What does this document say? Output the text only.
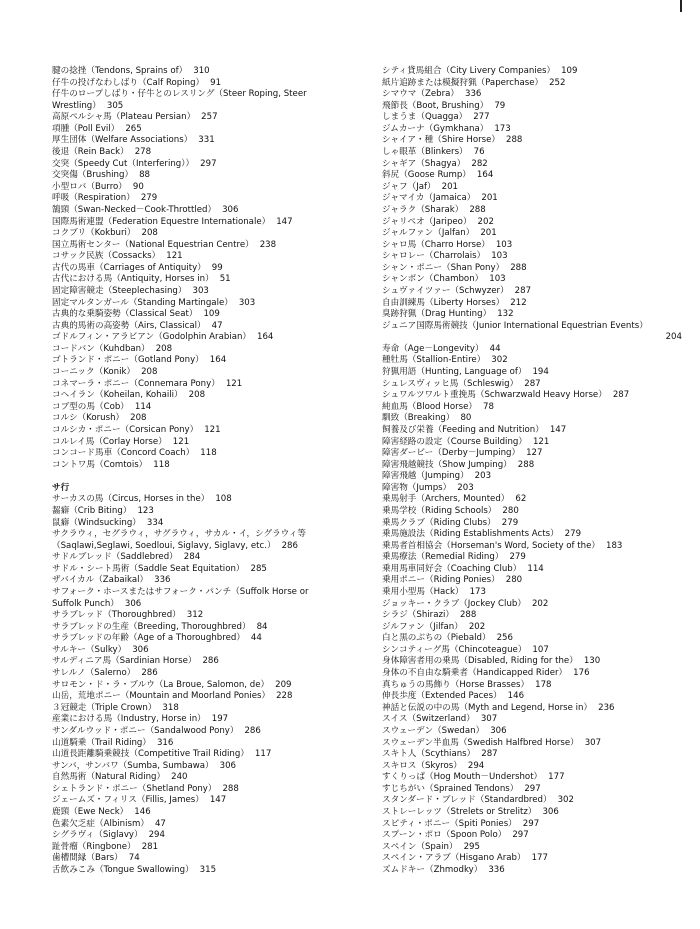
腱の捻挫（Tendons, Sprains of） 310
仔牛の投げなわしばり（Calf Roping） 91
仔牛のロープしばり・仔牛とのレスリング（Steer Roping, Steer
Wrestling） 305
高原ペルシャ馬（Plateau Persian） 257
項腫（Poll Evil） 265
厚生団体（Welfare Associations） 331
後退（Rein Back） 278
交突（Speedy Cut（Interfering）） 297
交突傷（Brushing） 88
小型ロバ（Burro） 90
呼吸（Respiration） 279
鵠頸（Swan-Necked－Cook-Throttled） 306
国際馬術連盟（Federation Equestre Internationale） 147
コクブリ（Kokburi） 208
国立馬術センター（National Equestrian Centre） 238
コサック民族（Cossacks） 121
古代の馬車（Carriages of Antiquity） 99
古代における馬（Antiquity, Horses in） 51
固定障害競走（Steeplechasing） 303
固定マルタンガール（Standing Martingale） 303
古典的な乗騎姿勢（Classical Seat） 109
古典的馬術の高姿勢（Airs, Classical） 47
ゴドルフィン・アラビアン（Godolphin Arabian） 164
コードバン（Kuhdban） 208
ゴトランド・ポニー（Gotland Pony） 164
コーニック（Konik） 208
コネマーラ・ポニー（Connemara Pony） 121
コヘイラン（Koheilan, Kohaili） 208
コブ型の馬（Cob） 114
コルシ（Korush） 208
コルシカ・ポニー（Corsican Pony） 121
コルレイ馬（Corlay Horse） 121
コンコード馬車（Concord Coach） 118
コントワ馬（Comtois） 118
サ行
サーカスの馬（Circus, Horses in the） 108
齧癖（Crib Biting） 123
鼠癖（Windsucking） 334
サクラウィ，セグラウィ，サグラウィ，サカル・イ，シグラウィ等
（Saqlawi,Seglawi, Soedloui, Siglavy, Siglavy, etc.） 286
サドルブレッド（Saddlebred） 284
サドル・シート馬術（Saddle Seat Equitation） 285
ザバイカル（Zabaikal） 336
サフォーク・ホースまたはサフォーク・パンチ（Suffolk Horse or
Suffolk Punch） 306
サラブレッド（Thoroughbred） 312
サラブレッドの生産（Breeding, Thoroughbred） 84
サラブレッドの年齢（Age of a Thoroughbred） 44
サルキー（Sulky） 306
サルディニア馬（Sardinian Horse） 286
サレルノ（Salerno） 286
サロモン・ド・ラ・ブルウ（La Broue, Salomon, de） 209
山岳，荒地ポニー（Mountain and Moorland Ponies） 228
３冠競走（Triple Crown） 318
産業における馬（Industry, Horse in） 197
サンダルウッド・ポニー（Sandalwood Pony） 286
山道騎乗（Trail Riding） 316
山道長距離騎乗競技（Competitive Trail Riding） 117
サンバ，サンバワ（Sumba, Sumbawa） 306
自然馬術（Natural Riding） 240
シェトランド・ポニー（Shetland Pony） 288
ジェームズ・フィリス（Fillis, James） 147
鹿頸（Ewe Neck） 146
色素欠乏症（Albinism） 47
シグラヴィ（Siglavy） 294
趾骨瘤（Ringbone） 281
歯槽間縁（Bars） 74
舌飲みこみ（Tongue Swallowing） 315
シティ貸馬組合（City Livery Companies） 109
紙片追跡または模擬狩猟（Paperchase） 252
シマウマ（Zebra） 336
飛節長（Boot, Brushing） 79
しまうま（Quagga） 277
ジムカーナ（Gymkhana） 173
シャイア・種（Shire Horse） 288
しゃ眼革（Blinkers） 76
シャギア（Shagya） 282
斜尻（Goose Rump） 164
ジャフ（Jaf） 201
ジャマイカ（Jamaica） 201
ジャラク（Sharak） 288
ジャリペオ（Jaripeo） 202
ジャルファン（Jalfan） 201
シャロ馬（Charro Horse） 103
シャロレー（Charrolais） 103
シャン・ポニー（Shan Pony） 288
シャンボン（Chambon） 103
シュヴァイツァー（Schwyzer） 287
自由訓練馬（Liberty Horses） 212
臭跡狩猟（Drag Hunting） 132
ジュニア国際馬術競技（Junior International Equestrian Events）
204
寿命（Age－Longevity） 44
種牡馬（Stallion-Entire） 302
狩猟用語（Hunting, Language of） 194
シュレスヴィッヒ馬（Schleswig） 287
シュワルツワルト重挽馬（Schwarzwald Heavy Horse） 287
純血馬（Blood Horse） 78
馴致（Breaking） 80
飼養及び栄養（Feeding and Nutrition） 147
障害経路の設定（Course Building） 121
障害ダービー（Derby－Jumping） 127
障害飛越競技（Show Jumping） 288
障害飛越（Jumping） 203
障害物（Jumps） 203
乗馬射手（Archers, Mounted） 62
乗馬学校（Riding Schools） 280
乗馬クラブ（Riding Clubs） 279
乗馬施設法（Riding Establishments Acts） 279
乗馬者首相協会（Horseman's Word, Society of the） 183
乗馬療法（Remedial Riding） 279
乗用馬車同好会（Coaching Club） 114
乗用ポニー（Riding Ponies） 280
乗用小型馬（Hack） 173
ジョッキー・クラブ（Jockey Club） 202
シラジ（Shirazi） 288
ジルファン（Jilfan） 202
白と黒のぶちの（Piebald） 256
シンコティーグ馬（Chincoteague） 107
身体障害者用の乗馬（Disabled, Riding for the） 130
身体の不自由な騎乗者（Handicapped Rider） 176
真ちゅうの馬飾り（Horse Brasses） 178
伸長歩度（Extended Paces） 146
神話と伝説の中の馬（Myth and Legend, Horse in） 236
スイス（Switzerland） 307
スウェーデン（Swedan） 306
スウェーデン半血馬（Swedish Halfbred Horse） 307
スキト人（Scythians） 287
スキロス（Skyros） 294
すくりっぱ（Hog Mouth－Undershot） 177
すじちがい（Sprained Tendons） 297
スタンダード・ブレッド（Standardbred） 302
ストレーレッツ（Strelets or Strelitz） 306
スピティ・ポニー（Spiti Ponies） 297
スプーン・ポロ（Spoon Polo） 297
スペイン（Spain） 295
スペイン・アラブ（Hisgano Arab） 177
ズムドキー（Zhmodky） 336
